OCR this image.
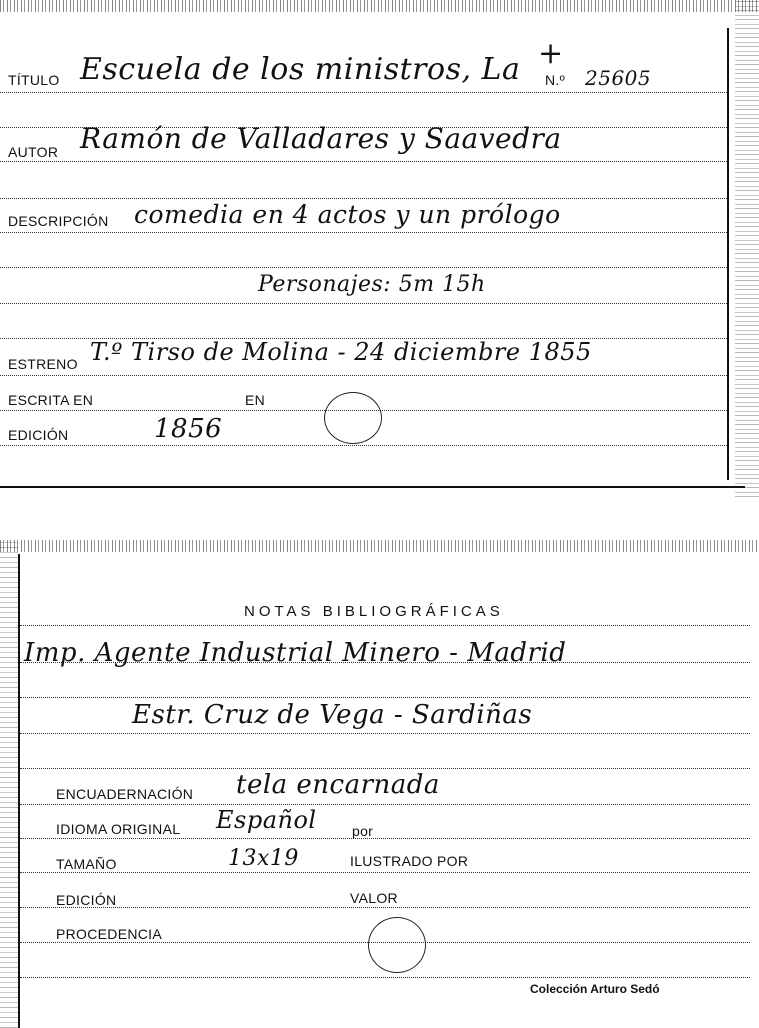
TÍTULO Escuela de los ministros, La +
N.º 25605
AUTOR Ramón de Valladares y Saavedra
DESCRIPCIÓN comedia en 4 actos y un prólogo
Personajes: 5m 15h
ESTRENO T.º Tirso de Molina - 24 diciembre 1855
ESCRITA EN	EN
EDICIÓN	1856
NOTAS BIBLIOGRÁFICAS
Imp. Agente Industrial Minero - Madrid
Estr. Cruz de Vega - Sardiñas
ENCUADERNACIÓN tela encarnada
IDIOMA ORIGINAL Español	por
TAMAÑO	13x19	ILUSTRADO POR
EDICIÓN	VALOR
PROCEDENCIA
Colección Arturo Sedó
